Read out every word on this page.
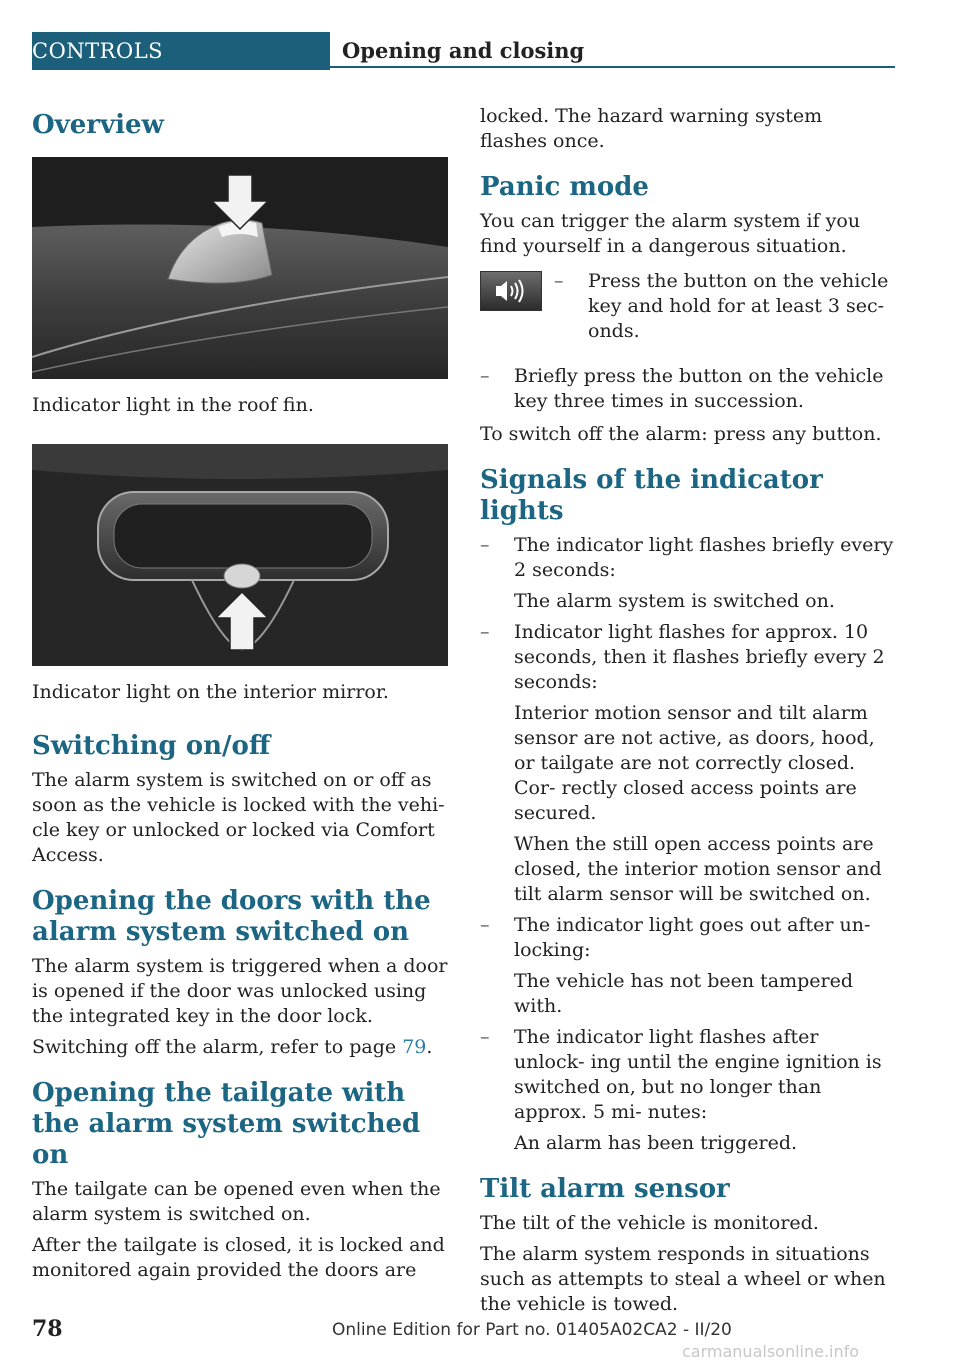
CONTROLS	Opening and closing
Overview

Indicator light in the roof fin.

Indicator light on the interior mirror.

Switching on/off

The alarm system is switched on or off as soon as the vehicle is locked with the vehi‐ cle key or unlocked or locked via Comfort Access.

Opening the doors with the alarm system switched on

The alarm system is triggered when a door is opened if the door was unlocked using the integrated key in the door lock.

Switching off the alarm, refer to page 79.

Opening the tailgate with the alarm system switched on

The tailgate can be opened even when the alarm system is switched on.

After the tailgate is closed, it is locked and monitored again provided the doors are

locked. The hazard warning system flashes once.

Panic mode

You can trigger the alarm system if you find yourself in a dangerous situation.

– Press the button on the vehicle key and hold for at least 3 sec‐ onds.
– Briefly press the button on the vehicle key three times in succession.

To switch off the alarm: press any button.

Signals of the indicator lights
– The indicator light flashes briefly every 2 seconds:
The alarm system is switched on.
– Indicator light flashes for approx. 10 seconds, then it flashes briefly every 2 seconds:
Interior motion sensor and tilt alarm sensor are not active, as doors, hood, or tailgate are not correctly closed. Cor‐ rectly closed access points are secured.
When the still open access points are closed, the interior motion sensor and tilt alarm sensor will be switched on.
– The indicator light goes out after un‐ locking:
The vehicle has not been tampered with.
– The indicator light flashes after unlock‐ ing until the engine ignition is switched on, but no longer than approx. 5 mi‐ nutes:
An alarm has been triggered.
Tilt alarm sensor

The tilt of the vehicle is monitored.

The alarm system responds in situations such as attempts to steal a wheel or when the vehicle is towed.

78	Online Edition for Part no. 01405A02CA2 - II/20
carmanualsonline.info
